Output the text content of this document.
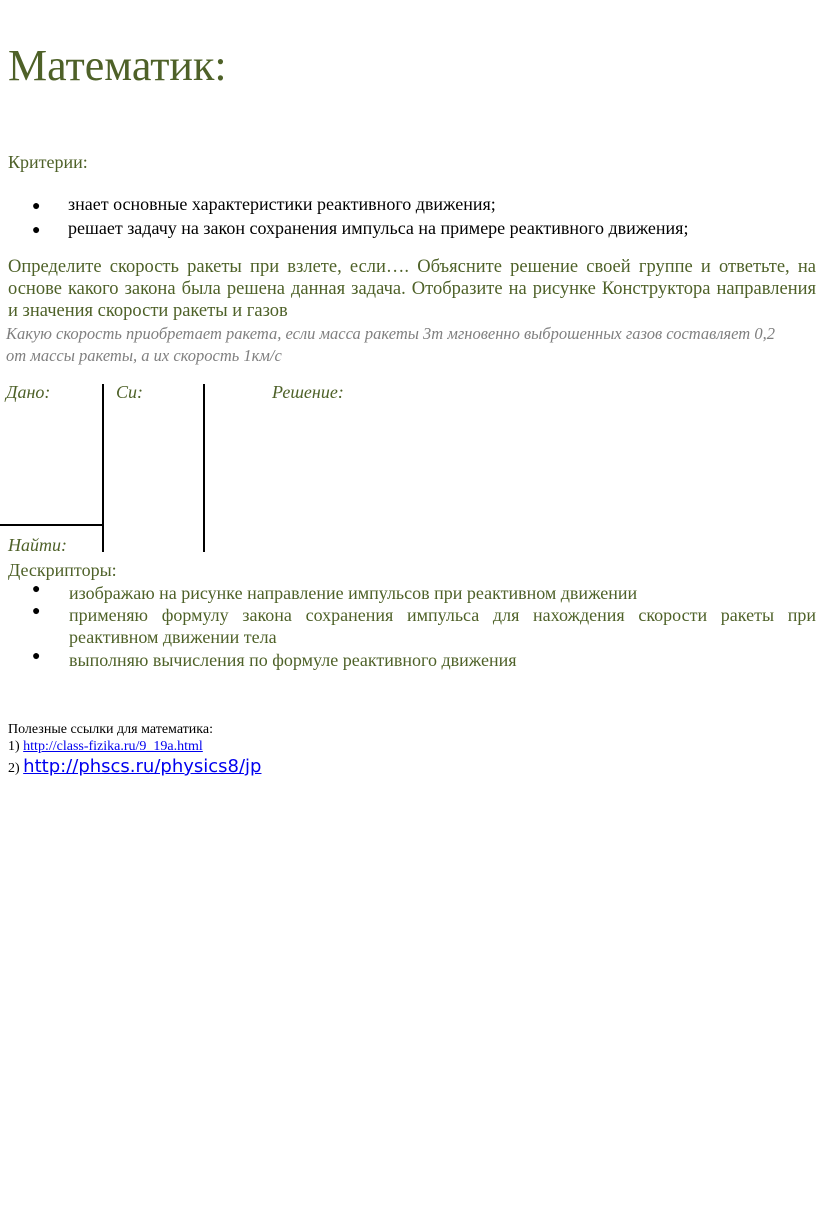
Математик:
Критерии:
● знает основные характеристики реактивного движения;
● решает задачу на закон сохранения импульса на примере реактивного движения;
Определите скорость ракеты при взлете, если…. Объясните решение своей группе и ответьте, на
основе какого закона была решена данная задача. Отобразите на рисунке Конструктора направления
и значения скорости ракеты и газов
Какую скорость приобретает ракета, если масса ракеты 3т мгновенно выброшенных газов составляет 0,2
от массы ракеты, а их скорость 1км/с
Дано:	Си:	Решение:
Найти:
Дескрипторы:
● изображаю на рисунке направление импульсов при реактивном движении
● применяю формулу закона сохранения импульса для нахождения скорости ракеты при реактивном движении тела
● выполняю вычисления по формуле реактивного движения
Полезные ссылки для математика:
1) http://class-fizika.ru/9_19a.html
2) http://phscs.ru/physics8/jp
